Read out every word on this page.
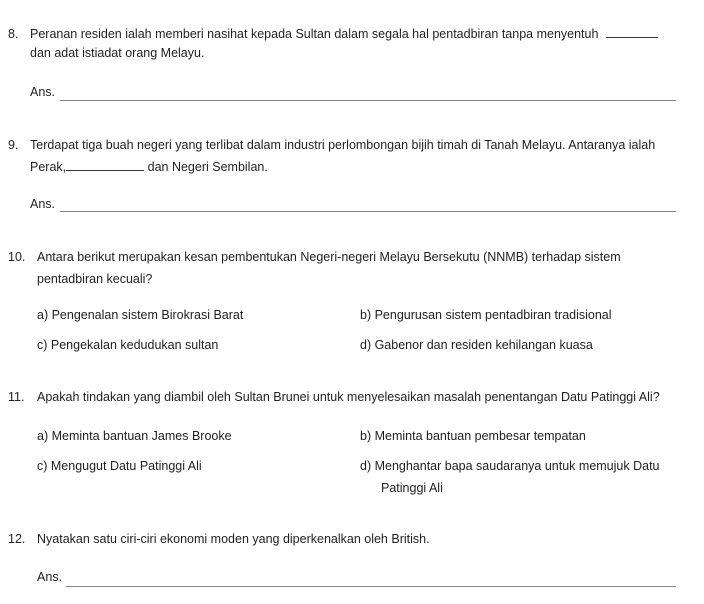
8. Peranan residen ialah memberi nasihat kepada Sultan dalam segala hal pentadbiran tanpa menyentuh
dan adat istiadat orang Melayu.
Ans.
9. Terdapat tiga buah negeri yang terlibat dalam industri perlombongan bijih timah di Tanah Melayu. Antaranya ialah
Perak,	dan Negeri Sembilan.
Ans.
10. Antara berikut merupakan kesan pembentukan Negeri-negeri Melayu Bersekutu (NNMB) terhadap sistem
pentadbiran kecuali?
a) Pengenalan sistem Birokrasi Barat	b) Pengurusan sistem pentadbiran tradisional
c) Pengekalan kedudukan sultan	d) Gabenor dan residen kehilangan kuasa
11. Apakah tindakan yang diambil oleh Sultan Brunei untuk menyelesaikan masalah penentangan Datu Patinggi Ali?
a) Meminta bantuan James Brooke	b) Meminta bantuan pembesar tempatan
c) Mengugut Datu Patinggi Ali	d) Menghantar bapa saudaranya untuk memujuk Datu
Patinggi Ali
12. Nyatakan satu ciri-ciri ekonomi moden yang diperkenalkan oleh British.
Ans.
